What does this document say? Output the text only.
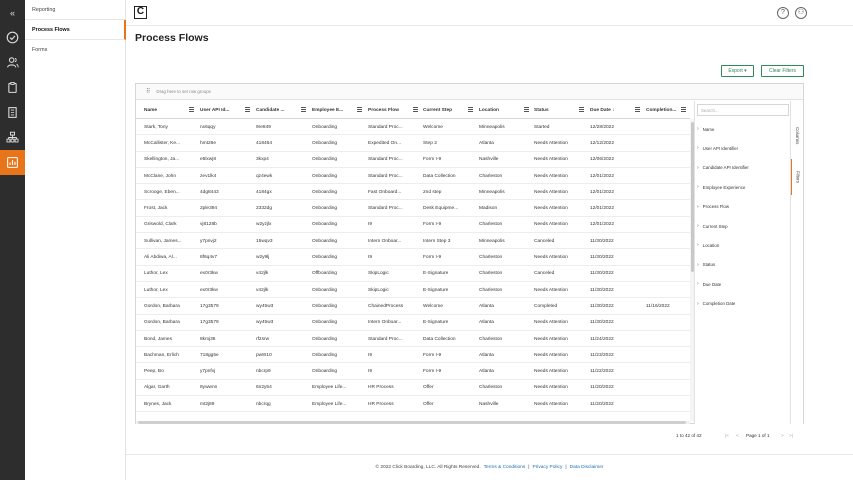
«	Reporting
Process Flows
Forms
C	?	⚇
Process Flows
Export ▾	Clear Filters
⠿ Drag here to set row groups
Name	User API Id...	Candidate ...	Employee E...	Process Flow	Current Step	Location	Status	Due Date ↓	Completion...
Stark, Tony	nx6qqy	9re849	Onboarding	Standard Proc...	Welcome	Minneapolis	Started	12/28/2022
McCallister, Ke...	hmt26e	418464	Onboarding	Expedited On...	Step 2	Atlanta	Needs Attention	12/12/2022
Skellington, Ja...	e5lxwj8	3kxp4	Onboarding	Standard Proc...	Form I-9	Nashville	Needs Attention	12/06/2022
McClane, John	zev1lk4	qz4ewk	Onboarding	Standard Proc...	Data Collection	Charleston	Needs Attention	12/01/2022
Scrooge, Eben...	4dg8443	4184gx	Onboarding	Fast Onboard...	2nd step	Minneapolis	Needs Attention	12/01/2022
Frost, Jack	2ple394	2332dg	Onboarding	Standard Proc...	Desk Equipme...	Madison	Needs Attention	12/01/2022
Griswold, Clark	vj8128b	w2yzjlx	Onboarding	I9	Form I-9	Charleston	Needs Attention	12/01/2022
Sullivan, James...	y7pnvj2	15wqv3	Onboarding	Intern Onboar...	Intern Step 3	Minneapolis	Canceled	11/30/2022
Ali Abdiwa, Al...	8f6q4v7	w2y9lj	Onboarding	I9	Form I-9	Charleston	Needs Attention	11/30/2022
Luthor, Lex	ex0r3kw	v42jlk	Offboarding	SkipLogic	E-Signature	Charleston	Canceled	11/30/2022
Luthor, Lex	ex0r3kw	v42jlk	Onboarding	SkipLogic	E-Signature	Charleston	Needs Attention	11/30/2022
Gordon, Barbara	17g3579	wy45w3	Onboarding	ChainedProcess	Welcome	Atlanta	Completed	11/30/2022	11/16/2022
Gordon, Barbara	17g3579	wy45w3	Onboarding	Intern Onboar...	E-Signature	Atlanta	Needs Attention	11/30/2022
Bond, James	8kmj36	rf2srw	Onboarding	Standard Proc...	Data Collection	Charleston	Needs Attention	11/24/2022
Bachman, Erlich	718gg5e	pw8r10	Onboarding	I9	Form I-9	Atlanta	Needs Attention	11/23/2022
Peep, Bo	y7pnfvj	nbcrp9	Onboarding	I9	Form I-9	Atlanta	Needs Attention	11/22/2022
Algar, Garth	8ywwnn	6n2y54	Employee Life...	HR Process	Offer	Charleston	Needs Attention	11/20/2022
Brynes, Jack	mt2j89	nbcrqg	Employee Life...	HR Process	Offer	Nashville	Needs Attention	11/20/2022
Search...
› Name
› User API Identifier
› Candidate API Identifier
› Employee Experience
› Process Flow
› Current Step
› Location
› Status
› Due Date
› Completion Date
Columns
Filters
1 to 42 of 42	|< < Page 1 of 1	> >|
© 2022 Click Boarding, LLC. All Rights Reserved. Terms & Conditions | Privacy Policy | Data Disclaimer
